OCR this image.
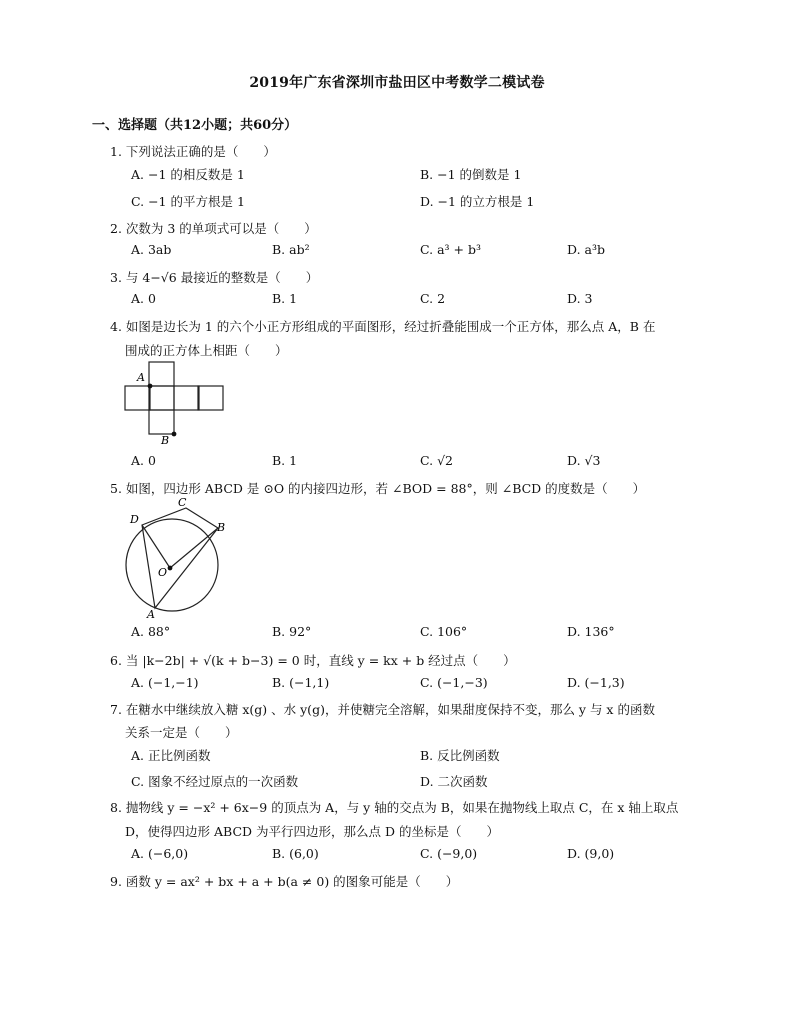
2019年广东省深圳市盐田区中考数学二模试卷
一、选择题（共12小题；共60分）
1. 下列说法正确的是（　　）
A. −1 的相反数是 1	B. −1 的倒数是 1
C. −1 的平方根是 1	D. −1 的立方根是 1
2. 次数为 3 的单项式可以是（　　）
A. 3ab	B. ab²	C. a³ + b³	D. a³b
3. 与 4−√6 最接近的整数是（　　）
A. 0	B. 1	C. 2	D. 3
4. 如图是边长为 1 的六个小正方形组成的平面图形，经过折叠能围成一个正方体，那么点 A，B 在
围成的正方体上相距（　　）
A
B
A. 0	B. 1	C. √2	D. √3
5. 如图，四边形 ABCD 是 ⊙O 的内接四边形，若 ∠BOD = 88°，则 ∠BCD 的度数是（　　）
D
C
B
O
A
A. 88°	B. 92°	C. 106°	D. 136°
6. 当 |k−2b| + √(k + b−3) = 0 时，直线 y = kx + b 经过点（　　）
A. (−1,−1)	B. (−1,1)	C. (−1,−3)	D. (−1,3)
7. 在糖水中继续放入糖 x(g) 、水 y(g)，并使糖完全溶解，如果甜度保持不变，那么 y 与 x 的函数
关系一定是（　　）
A. 正比例函数	B. 反比例函数
C. 图象不经过原点的一次函数	D. 二次函数
8. 抛物线 y = −x² + 6x−9 的顶点为 A，与 y 轴的交点为 B，如果在抛物线上取点 C，在 x 轴上取点
D，使得四边形 ABCD 为平行四边形，那么点 D 的坐标是（　　）
A. (−6,0)	B. (6,0)	C. (−9,0)	D. (9,0)
9. 函数 y = ax² + bx + a + b(a ≠ 0) 的图象可能是（　　）
